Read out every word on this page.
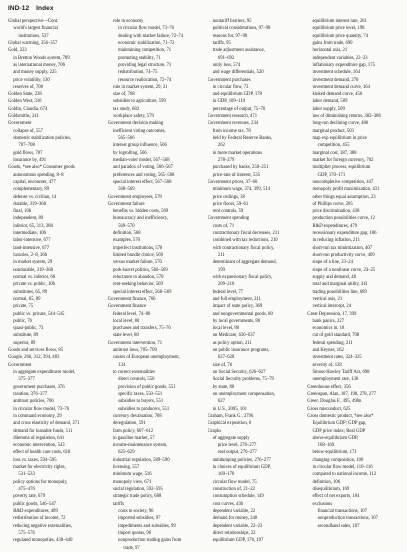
IND-12 Index
Global perspective—Cont.
world's largest financial
institutions, 537
Global warming, 356–357
Gold, 223
in Bretton Woods system, 709
as international money, 706
and money supply, 225
price volatility, 130
reserves of, 708
Golden State, 238
Golden West, 310
Goldin, Claudia, 674
Goldsmiths, 241
Government
collapse of, 557
domestic stabilization policies,
707–708
gold flows, 707
insurance by, 491
Goods, *see also* Consumer goods
autonomous spending, 8–8
capital, encounter, 477
complementary, 89
defense vs. civilian, 14
durable, 319–368
final, 106
independent, 89
inferior, 65, 313, 388
intermediate, 106
labor-intensive, 677
land-intensive, 677
luxuries, 2–8, 366
in market system, 29
nondurable, 319–368
normal vs. inferior, 66
private vs. public, 106
substitutes, 65, 89
normal, 65, 89
private, 75
public vs. private, 544–545
public, 76
quasi-public, 73
substitute, 89
superior, 89
Goods and services flows, 85
Google, 266, 312, 394, 483
Government
in aggregate expenditures model,
375–377
government purchases, 376
taxation, 376–377
antitrust policies, 706
in circular flow model, 73–76
in command economy, 29
and cross elasticity of demand, 371
demand for loanable funds, 511
dilemma of regulation, 641
economic intervention, 543
effect of health care costs, 618
loss vs. taxes, 594–595
market for electricity rights,
531–533
policy options for monopoly,
475–476
poverty rate, 679
public goods, 546–547
R&D expenditures, 489
redistribution of income, 72
reducing negative externalities,
575–576
regulated monopolies, 438–440
role in economy
in circular flow model, 73–76
dealing with market failure, 72–74
economic stabilization, 71–72
maintaining competition, 71
promoting stability, 71
providing legal structure, 71
redistribution, 74–75
resource reallocation, 72–74
rule in market system, 29, 31
size of, 768
subsidies to agriculture, 599
tax study, 682
workplace safety, 579
Government decision making
inefficient voting outcomes,
565–566
interest group influence, 566
by logrolling, 566
median-voter model, 567–568
and paradox of voting, 566–567
preferences and voting, 565–568
special interest effect, 567–568
568–569
Government employees, 578
Government failure
benefits vs. hidden costs, 569
bureaucracy and inefficiency,
569–570
definition, 568
examples, 570
imperfect institutions, 570
limited bundle choice, 569
versus market failure, 570
pork-barrel politics, 566–569
reluctance to abandon, 570
rent-seeking behavior, 569
special interest effect, 568–569
Government finance, 766
Government finance
federal level, 74–80
local level, 80
purchases and transfers, 75–76
state level, 80
Government intervention, 71
antitrust laws, 705–709
causes of European unemployment,
134
to correct externalities
direct controls, 550
provision of public goods, 551
specific taxes, 550–551
subsidies to buyers, 551
subsidies to producers, 551
currency devaluation, 708
deregulation, 591
farm policy, 607–612
in gasoline market, 57
income-maintenance system,
625–629
industrial regulation, 589–590
licensing, 557
minimum wage, 516
monopoly view, 671
social regulation, 592–595
strategic trade policy, 688
tariffs
costs to society, 96
imported subsidies, 97
impediments and subsidies, 99
import quotas, 96
nonproduction trading gains from
trade, 97
nontariff barriers, 95
political considerations, 97–98
reasons for, 97–98
tariffs, 95
trade adjustment assistance,
691–692
unity loss, 574
and wage differentials, 520
Government purchases
in circular flow, 73
and equilibrium GDP, 178
in GDP, 109–110
percentage of output, 75–76
Government research, 471
Government revenues, 234
from income tax, 78
held by Federal Reserve Banks,
262
in more market operations
278–279
purchased by banks, 250–251
price-rate of interest, 535
Government prices, 37–60
minimum wage, 374, 399, 514
price ceilings, 38
price floors, 59–61
rent controls, 59
Government spending
costs of, 71
contractionary fiscal decreases, 211
combined with tax reductions, 210
with contractionary fiscal policy,
211
determinant of aggregate demand,
199
with expansionary fiscal policy,
209–210
federal level, 77
and full employment, 211
impact of state policy, 369
and nongovernmental goods, 80
by local governments, 80
local level, 80
on Medicare, 636–637
as policy option, 211
on public insurance programs,
627–628
size of, 76
on Social Security, 626–627
Social Security problems, 75–79
by state, 80
on unemployment compensation,
627
in U.S., 2005, 101
Graham, Frank G., 2796
Graphical exposition, 6
Graphs
of aggregate supply
price level, 276–277
real output, 276–277
antidumping policies, 276–277
in choices of equilibrium GDP,
169–170
circular flow model, 75
construction of, 21–22
consumption schedule, 149
cost curves, 436
dependent variable, 22
demand for money, 240
dependent variable, 22–23
direct relationships, 22
equilibrium GDP, 176, 197
equilibrium interest rate, 261
equilibrium price level, 198
equilibrium price quantity, 74
gains from trade, 690
horizontal axis, 21
independent variables, 22–23
inflationary expenditure gap, 175
investment schedule, 164
investment demand, 270
investment demand curve, 164
kinked demand curve, 456
labor demand, 509
labor supply, 509
law of diminishing returns, 382–386
long-run declining curve, 486
marginal product, 503
map exp equilibrium in price
competition, 455
marginal cost, 387, 388
market for foreign currency, 702
multiplier process, equilibrium
GDP, 170–171
noncompletive competition, 447
monopoly profit maximization, 431
other things equal assumption, 23
of Phillips curve, 285
price discrimination, 438
production possibilities curve, 12
R&D expenditures, 479
recessionary expenditure gap, 186
in reducing inflation, 211
short-run tax minimization, 407
short-run productivity curve, 409
slope of a line, 23–24
slope of a nonlinear curve, 24–25
supply and demand, 48
total and marginal utility, 341
trading possibilities line, 689
vertical axis, 21
vertical intercept, 24
Great Depression, 17, 399
bank panics, 227
economics in, 18
cut of gold standard, 708
federal spending, 211
and Keynes, 162
investment rates, 324–325
severity of, 128
Smoot-Hawley Tariff Act, 698
unemployment rate, 130
Greenhouse effect, 356
Greenspan, Alan, 187, 198, 278, 277
Greer, Douglas F., 495, 498n
Gross misconduct, 625
Gross domestic product, *see also*
Equilibrium GDP; GDP gap,
GDP price index; Real GDP
above-equilibrium GDP,
168–169
below-equilibrium, 171
changing composition, 100
in circular flow model, 110–116
compared to national income, 112
definition, 106
disequilibrium, 169
effect of net exports, 184
exclusions
financial transactions, 107
nonproduction transactions, 107
secondhand sales, 107
